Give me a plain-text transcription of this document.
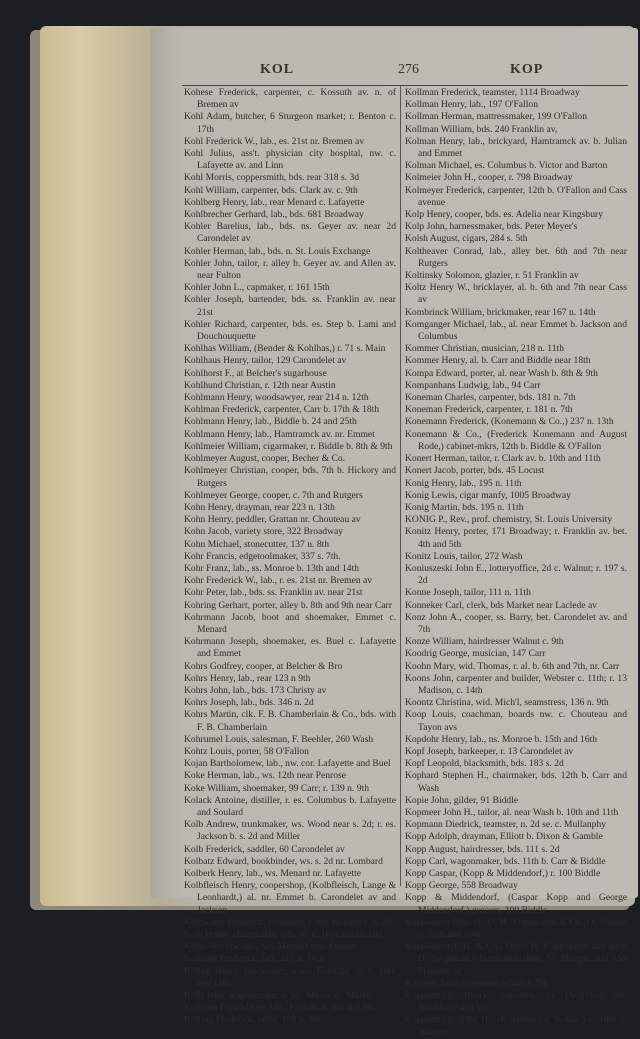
KOL	276	KOP

Kohese Frederick, carpenter, c. Kossuth av. n. of Bremen av

Kohl Adam, butcher, 6 Sturgeon market; r. Benton c. 17th

Kohl Frederick W., lab., es. 21st nr. Bremen av

Kohl Julius, ass't. physician city hospital, nw. c. Lafayette av. and Linn

Kohl Morris, coppersmith, bds. rear 318 s. 3d

Kohl William, carpenter, bds. Clark av. c. 9th

Kohlberg Henry, lab., rear Menard c. Lafayette

Kohlbrecher Gerhard, lab., bds. 681 Broadway

Kohler Barelius, lab., bds. ns. Geyer av. near 2d Carondelet av

Kohler Herman, lab., bds. n. St. Louis Exchange

Kohler John, tailor, r. alley b. Geyer av. and Allen av. near Fulton

Kohler John L., capmaker, r. 161 15th

Kohler Joseph, bartender, bds. ss. Franklin av. near 21st

Kohler Richard, carpenter, bds. es. Step b. Lami and Douchouquette

Kohlhas William, (Bender & Kohlhas,) r. 71 s. Main

Kohlhaus Henry, tailor, 129 Carondelet av

Kohlhorst F., at Belcher's sugarhouse

Kohlhund Christian, r. 12th near Austin

Kohlmann Henry, woodsawyer, rear 214 n. 12th

Kohlman Frederick, carpenter, Carr b. 17th & 18th

Kohlmann Henry, lab., Biddle b. 24 and 25th

Kohlmann Henry, lab., Hamtramck av. nr. Emmet

Kohlmeier William, cigarmaker, r. Biddle b. 8th & 9th

Kohlmeyer August, cooper, Becher & Co.

Kohlmeyer Christian, cooper, bds. 7th b. Hickory and Rutgers

Kohlmeyer George, cooper, c. 7th and Rutgers

Kohn Henry, drayman, rear 223 n. 13th

Kohn Henry, peddler, Grattan nr. Chouteau av

Kohn Jacob, variety store, 322 Broadway

Kohn Michael, stonecutter, 137 n. 8th

Kohr Francis, edgetoolmaker, 337 s. 7th.

Kohr Franz, lab., ss. Monroe b. 13th and 14th

Kohr Frederick W., lab., r. es. 21st nr. Bremen av

Kohr Peter, lab., bds. ss. Franklin av. near 21st

Kohring Gerhart, porter, alley b. 8th and 9th near Carr

Kohrmann Jacob, boot and shoemaker, Emmet c. Menard

Kohrmann Joseph, shoemaker, es. Buel c. Lafayette and Emmet

Kohrs Godfrey, cooper, at Belcher & Bro

Kohrs Henry, lab., rear 123 n 9th

Kohrs John, lab., bds. 173 Christy av

Kohrs Joseph, lab., bds. 346 n. 2d

Kohrs Martin, clk. F. B. Chamberlain & Co., bds. with F. B. Chamberlain

Kohrumel Louis, salesman, F. Beehler, 260 Wash

Kohtz Louis, porter, 58 O'Fallon

Kojan Bartholomew, lab., nw. cor. Lafayette and Buel

Koke Herman, lab., ws. 12th near Penrose

Koke William, shoemaker, 99 Carr; r. 139 n. 9th

Kolack Antoine, distiller, r. es. Columbus b. Lafayette and Soulard

Kolb Andrew, trunkmaker, ws. Wood near s. 2d; r. es. Jackson b. s. 2d and Miller

Kolb Frederick, saddler, 60 Carondelet av

Kolbatz Edward, bookbinder, ws. s. 2d nr. Lombard

Kolberk Henry, lab., ws. Menard nr. Lafayette

Kolbfleisch Henry, coopershop, (Kolbfleisch, Lange & Leonhardt,) al. nr. Emmet b. Carondelet av and Jackson

Koldwater Frederick, carpenter, r. ws. Jackson c. s. 2d

Kole Henry, chairmaker, bds. se. c. 16th and Biddle

Koles Waclaw, lab., ws. Menard near Emmet

Kolhorst Frederick, lab., 215 n. 14th

Koling Henry, blacksmith, r. ns. Franklin av. b. 10th and 11th

Kolli John, wagonmaker, r. ws. Moore nr. Market

Kolliken Frau Matter, lab., Park av. b. 8th and 9th

Kolling Frederick, tailor, 158 n. 8th

Kollman Frederick, teamster, 1114 Broadway

Kollman Henry, lab., 197 O'Fallon

Kollman Herman, mattressmaker, 199 O'Fallon

Kollman William, bds. 240 Franklin av,

Kolman Henry, lab., brickyard, Hamtramck av. b. Julian and Emmet

Kolman Michael, es. Columbus b. Victor and Barton

Kolmeier John H., cooper, r. 798 Broadway

Kolmeyer Frederick, carpenter, 12th b. O'Fallon and Cass avenue

Kolp Henry, cooper, bds. es. Adelia near Kingsbury

Kolp John, harnessmaker, bds. Peter Meyer's

Kolsh August, cigars, 284 s. 5th

Koltheaver Conrad, lab., alley bet. 6th and 7th near Rutgers

Koltinsky Solomon, glazier, r. 51 Franklin av

Koltz Henry W., bricklayer, al. b. 6th and 7th near Cass av

Kombrinck William, brickmaker, rear 167 n. 14th

Komganger Michael, lab., al. near Emmet b. Jackson and Columbus

Kommer Christian, musician, 218 n. 11th

Kommer Henry, al. b. Carr and Biddle near 18th

Kompa Edward, porter, al. near Wash b. 8th & 9th

Kompanhans Ludwig, lab., 94 Carr

Koneman Charles, carpenter, bds. 181 n. 7th

Koneman Frederick, carpenter, r. 181 n. 7th

Konemann Frederick, (Konemann & Co.,) 237 n. 13th

Konemann & Co., (Frederick Konemann and August Rode,) cabinet-mkrs, 12th b. Biddle & O'Fallon

Konert Herman, tailor, r. Clark av. b. 10th and 11th

Konert Jacob, porter, bds. 45 Locust

Konig Henry, lab., 195 n. 11th

Konig Lewis, cigar manfy, 1005 Broadway

Konig Martin, bds. 195 n. 11th

KONIG P., Rev., prof. chemistry, St. Louis University

Konitz Henry, porter, 171 Broadway; r. Franklin av. bet. 4th and 5th

Konitz Louis, tailor, 272 Wash

Koniuszeski John E., lotteryoffice, 2d c. Walnut; r. 197 s. 2d

Konne Joseph, tailor, 111 n. 11th

Konneker Carl, clerk, bds Market near Laclede av

Konz John A., cooper, ss. Barry, bet. Carondelet av. and 7th

Konze William, hairdresser Walnut c. 9th

Koodrig George, musician, 147 Carr

Koohn Mary, wid. Thomas, r. al. b. 6th and 7th, nr. Carr

Koons John, carpenter and builder, Webster c. 11th; r. 13 Madison, c. 14th

Koontz Christina, wid. Mich'l, seamstress, 136 n. 9th

Koop Louis, coachman, boards nw. c. Chouteau and Tayon avs

Kopdohr Henry, lab., ns. Monroe b. 15th and 16th

Kopf Joseph, barkeeper, r. 13 Carondelet av

Kopf Leopold, blacksmith, bds. 183 s. 2d

Kophard Stephen H., chairmaker, bds. 12th b. Carr and Wash

Kopie John, gilder, 91 Biddle

Kopmeer John H., tailor, al. near Wash b. 10th and 11th

Kopmann Diedrick, teamster, n. 2d se. c. Mullanphy

Kopp Adolph, drayman, Elliott b. Dixon & Gamble

Kopp August, hairdresser, bds. 111 s. 2d

Kopp Carl, wagonmaker, bds. 11th b. Carr & Biddle

Kopp Caspar, (Kopp & Middendorf,) r. 100 Biddle

Kopp George, 558 Broadway

Kopp & Middendorf, (Caspar Kopp and George Middendorf,) grocers, 100 Biddle

Koppelman John H., (J. H. Koppelman & Co.,) r. Warren b. 18th and 19th

Koppelman J. H. & Co., (John H. Koppelman and John D. Stegeman,) furnituredealers, 57 Morgan and 159 Franklin av

Koppers John, carpenter, r. 549 s. 7th

Kopplemann Henry, carpenter, ns. Destrehan bet. Broadway and 9th

Kopplemann John H., (Kopplemann & Co.,) r. 18th c. Warren
